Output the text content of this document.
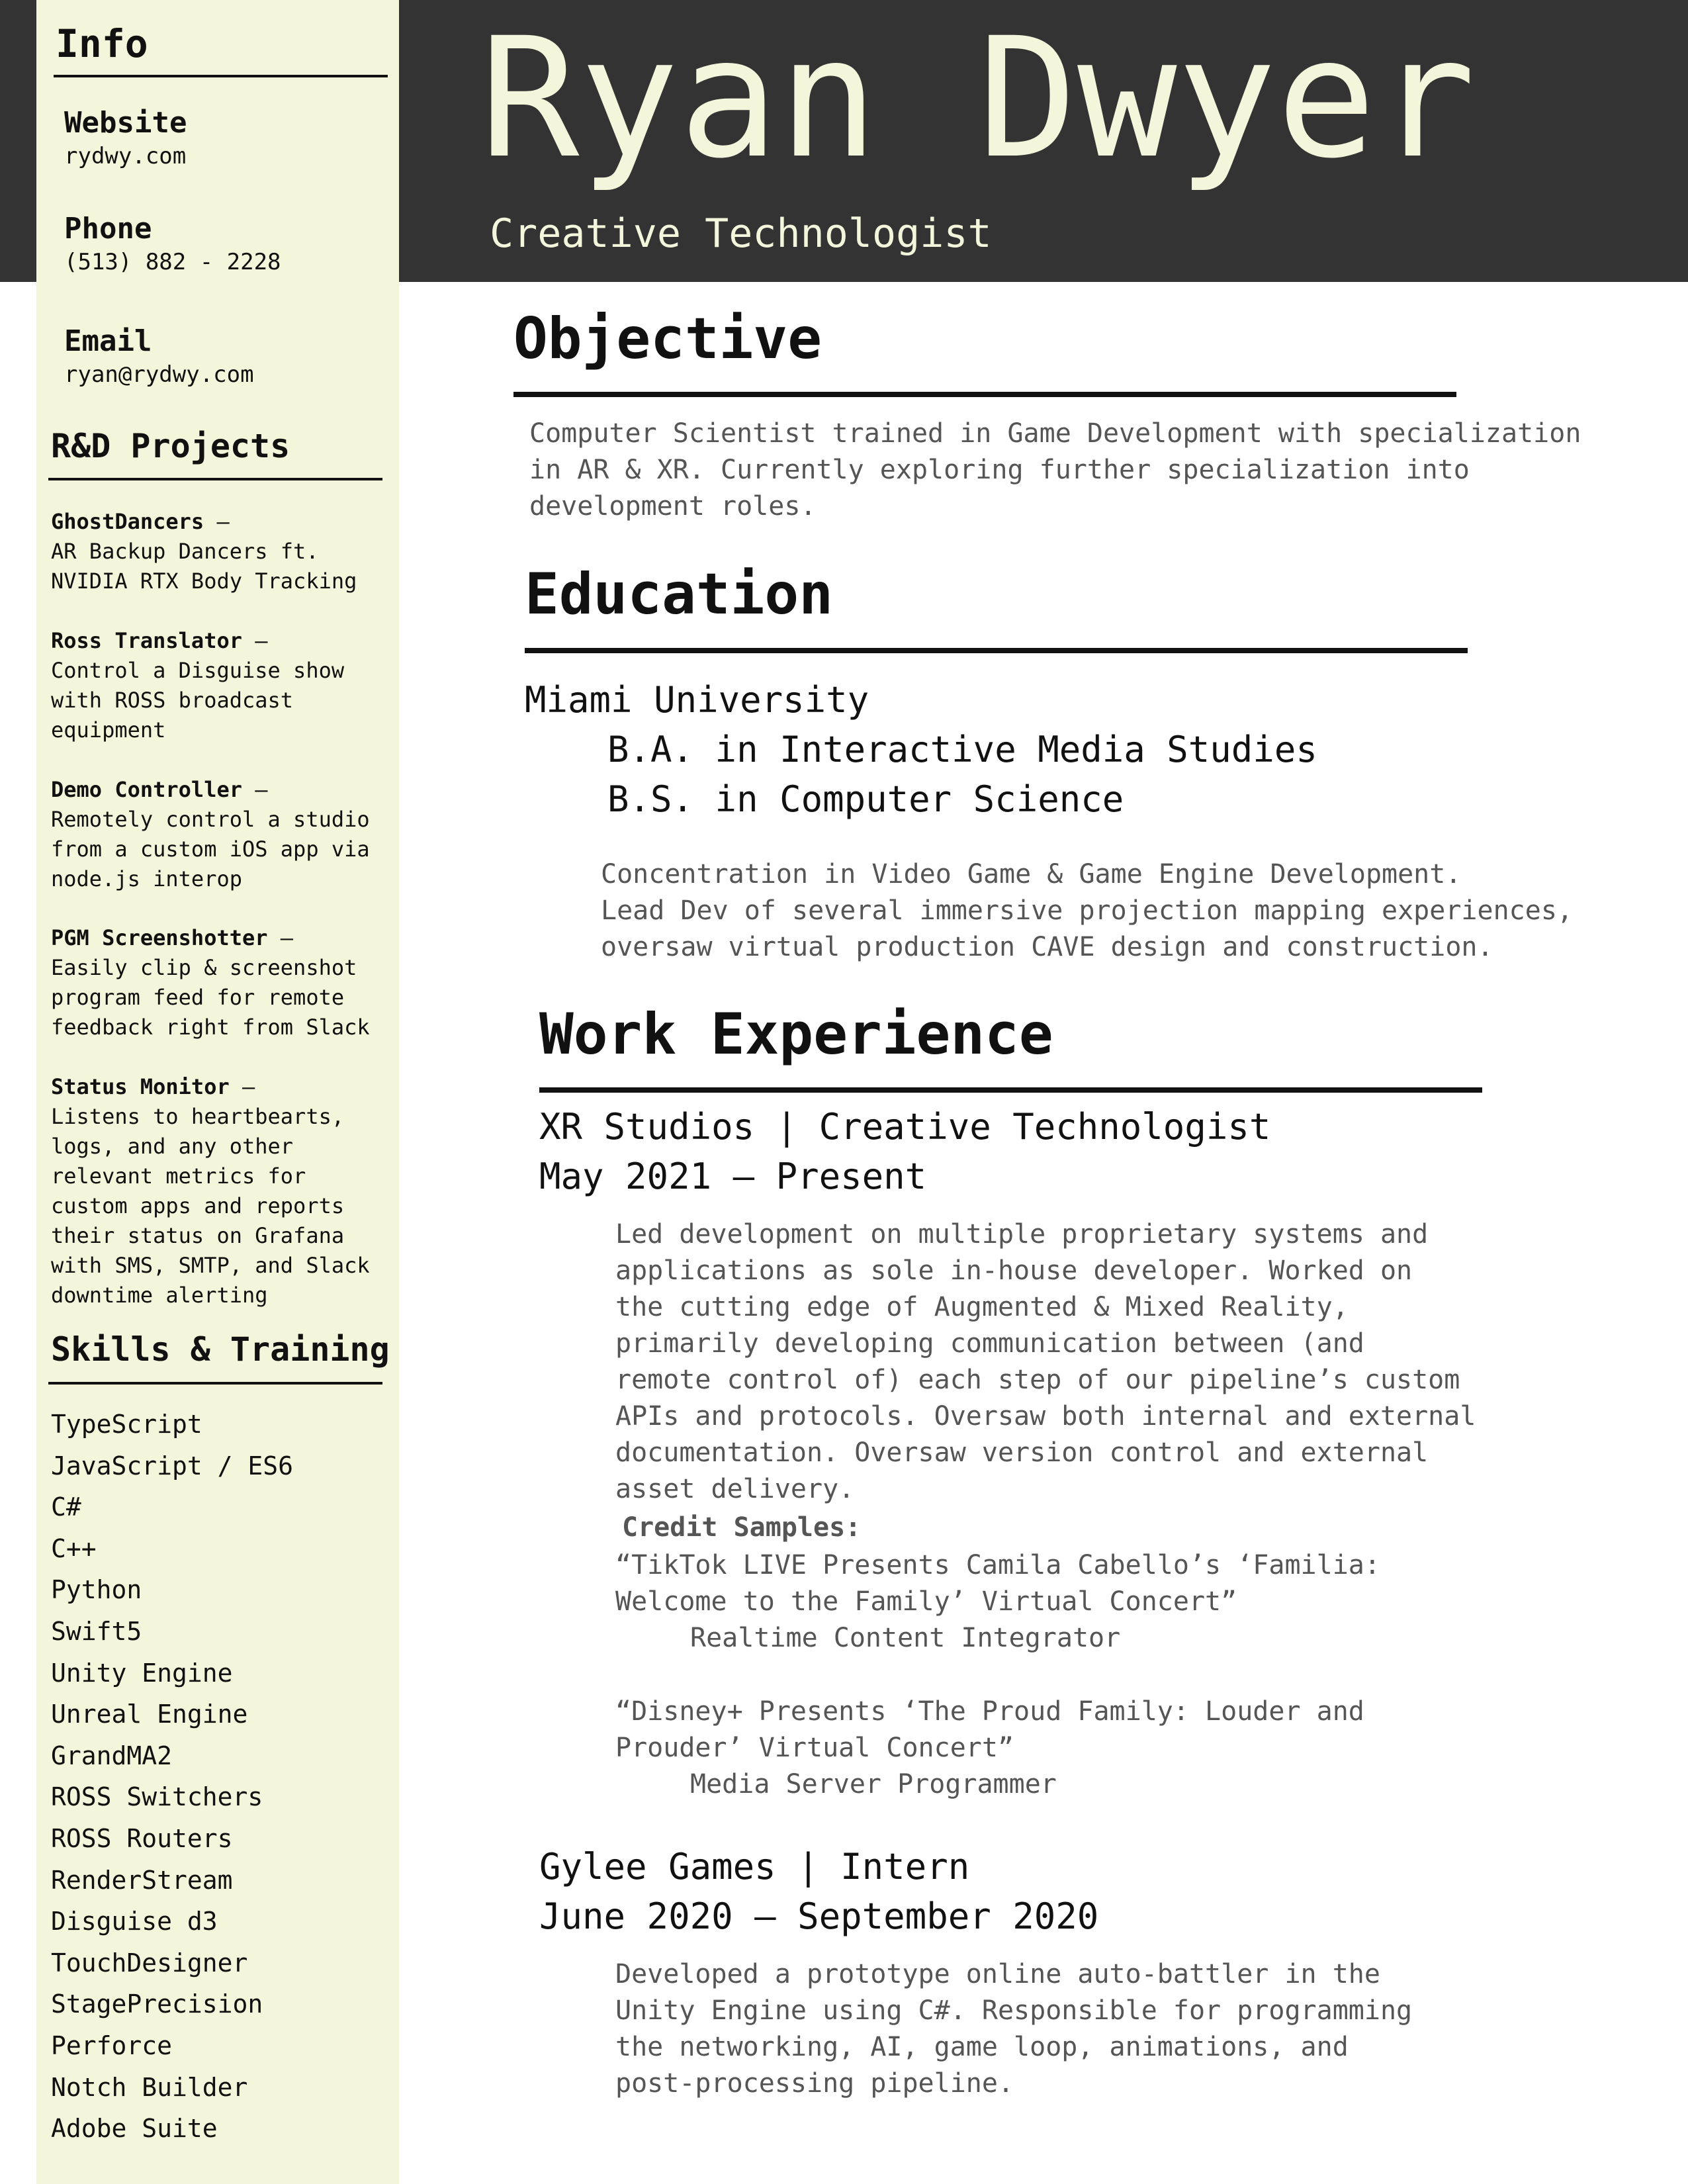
Info
Website
rydwy.com
Phone
(513) 882 - 2228
Email
ryan@rydwy.com
R&D Projects
GhostDancers –
AR Backup Dancers ft.
NVIDIA RTX Body Tracking
Ross Translator –
Control a Disguise show
with ROSS broadcast
equipment
Demo Controller –
Remotely control a studio
from a custom iOS app via
node.js interop
PGM Screenshotter –
Easily clip & screenshot
program feed for remote
feedback right from Slack
Status Monitor –
Listens to heartbearts,
logs, and any other
relevant metrics for
custom apps and reports
their status on Grafana
with SMS, SMTP, and Slack
downtime alerting
Skills & Training
TypeScript
JavaScript / ES6
C#
C++
Python
Swift5
Unity Engine
Unreal Engine
GrandMA2
ROSS Switchers
ROSS Routers
RenderStream
Disguise d3
TouchDesigner
StagePrecision
Perforce
Notch Builder
Adobe Suite
Ryan Dwyer
Creative Technologist
Objective
Computer Scientist trained in Game Development with specialization
in AR & XR. Currently exploring further specialization into
development roles.
Education
Miami University
B.A. in Interactive Media Studies
B.S. in Computer Science
Concentration in Video Game & Game Engine Development.
Lead Dev of several immersive projection mapping experiences,
oversaw virtual production CAVE design and construction.
Work Experience
XR Studios | Creative Technologist
May 2021 – Present
Led development on multiple proprietary systems and
applications as sole in-house developer. Worked on
the cutting edge of Augmented & Mixed Reality,
primarily developing communication between (and
remote control of) each step of our pipeline’s custom
APIs and protocols. Oversaw both internal and external
documentation. Oversaw version control and external
asset delivery.
Credit Samples:
“TikTok LIVE Presents Camila Cabello’s ‘Familia:
Welcome to the Family’ Virtual Concert”
Realtime Content Integrator
“Disney+ Presents ‘The Proud Family: Louder and
Prouder’ Virtual Concert”
Media Server Programmer
Gylee Games | Intern
June 2020 – September 2020
Developed a prototype online auto-battler in the
Unity Engine using C#. Responsible for programming
the networking, AI, game loop, animations, and
post-processing pipeline.
